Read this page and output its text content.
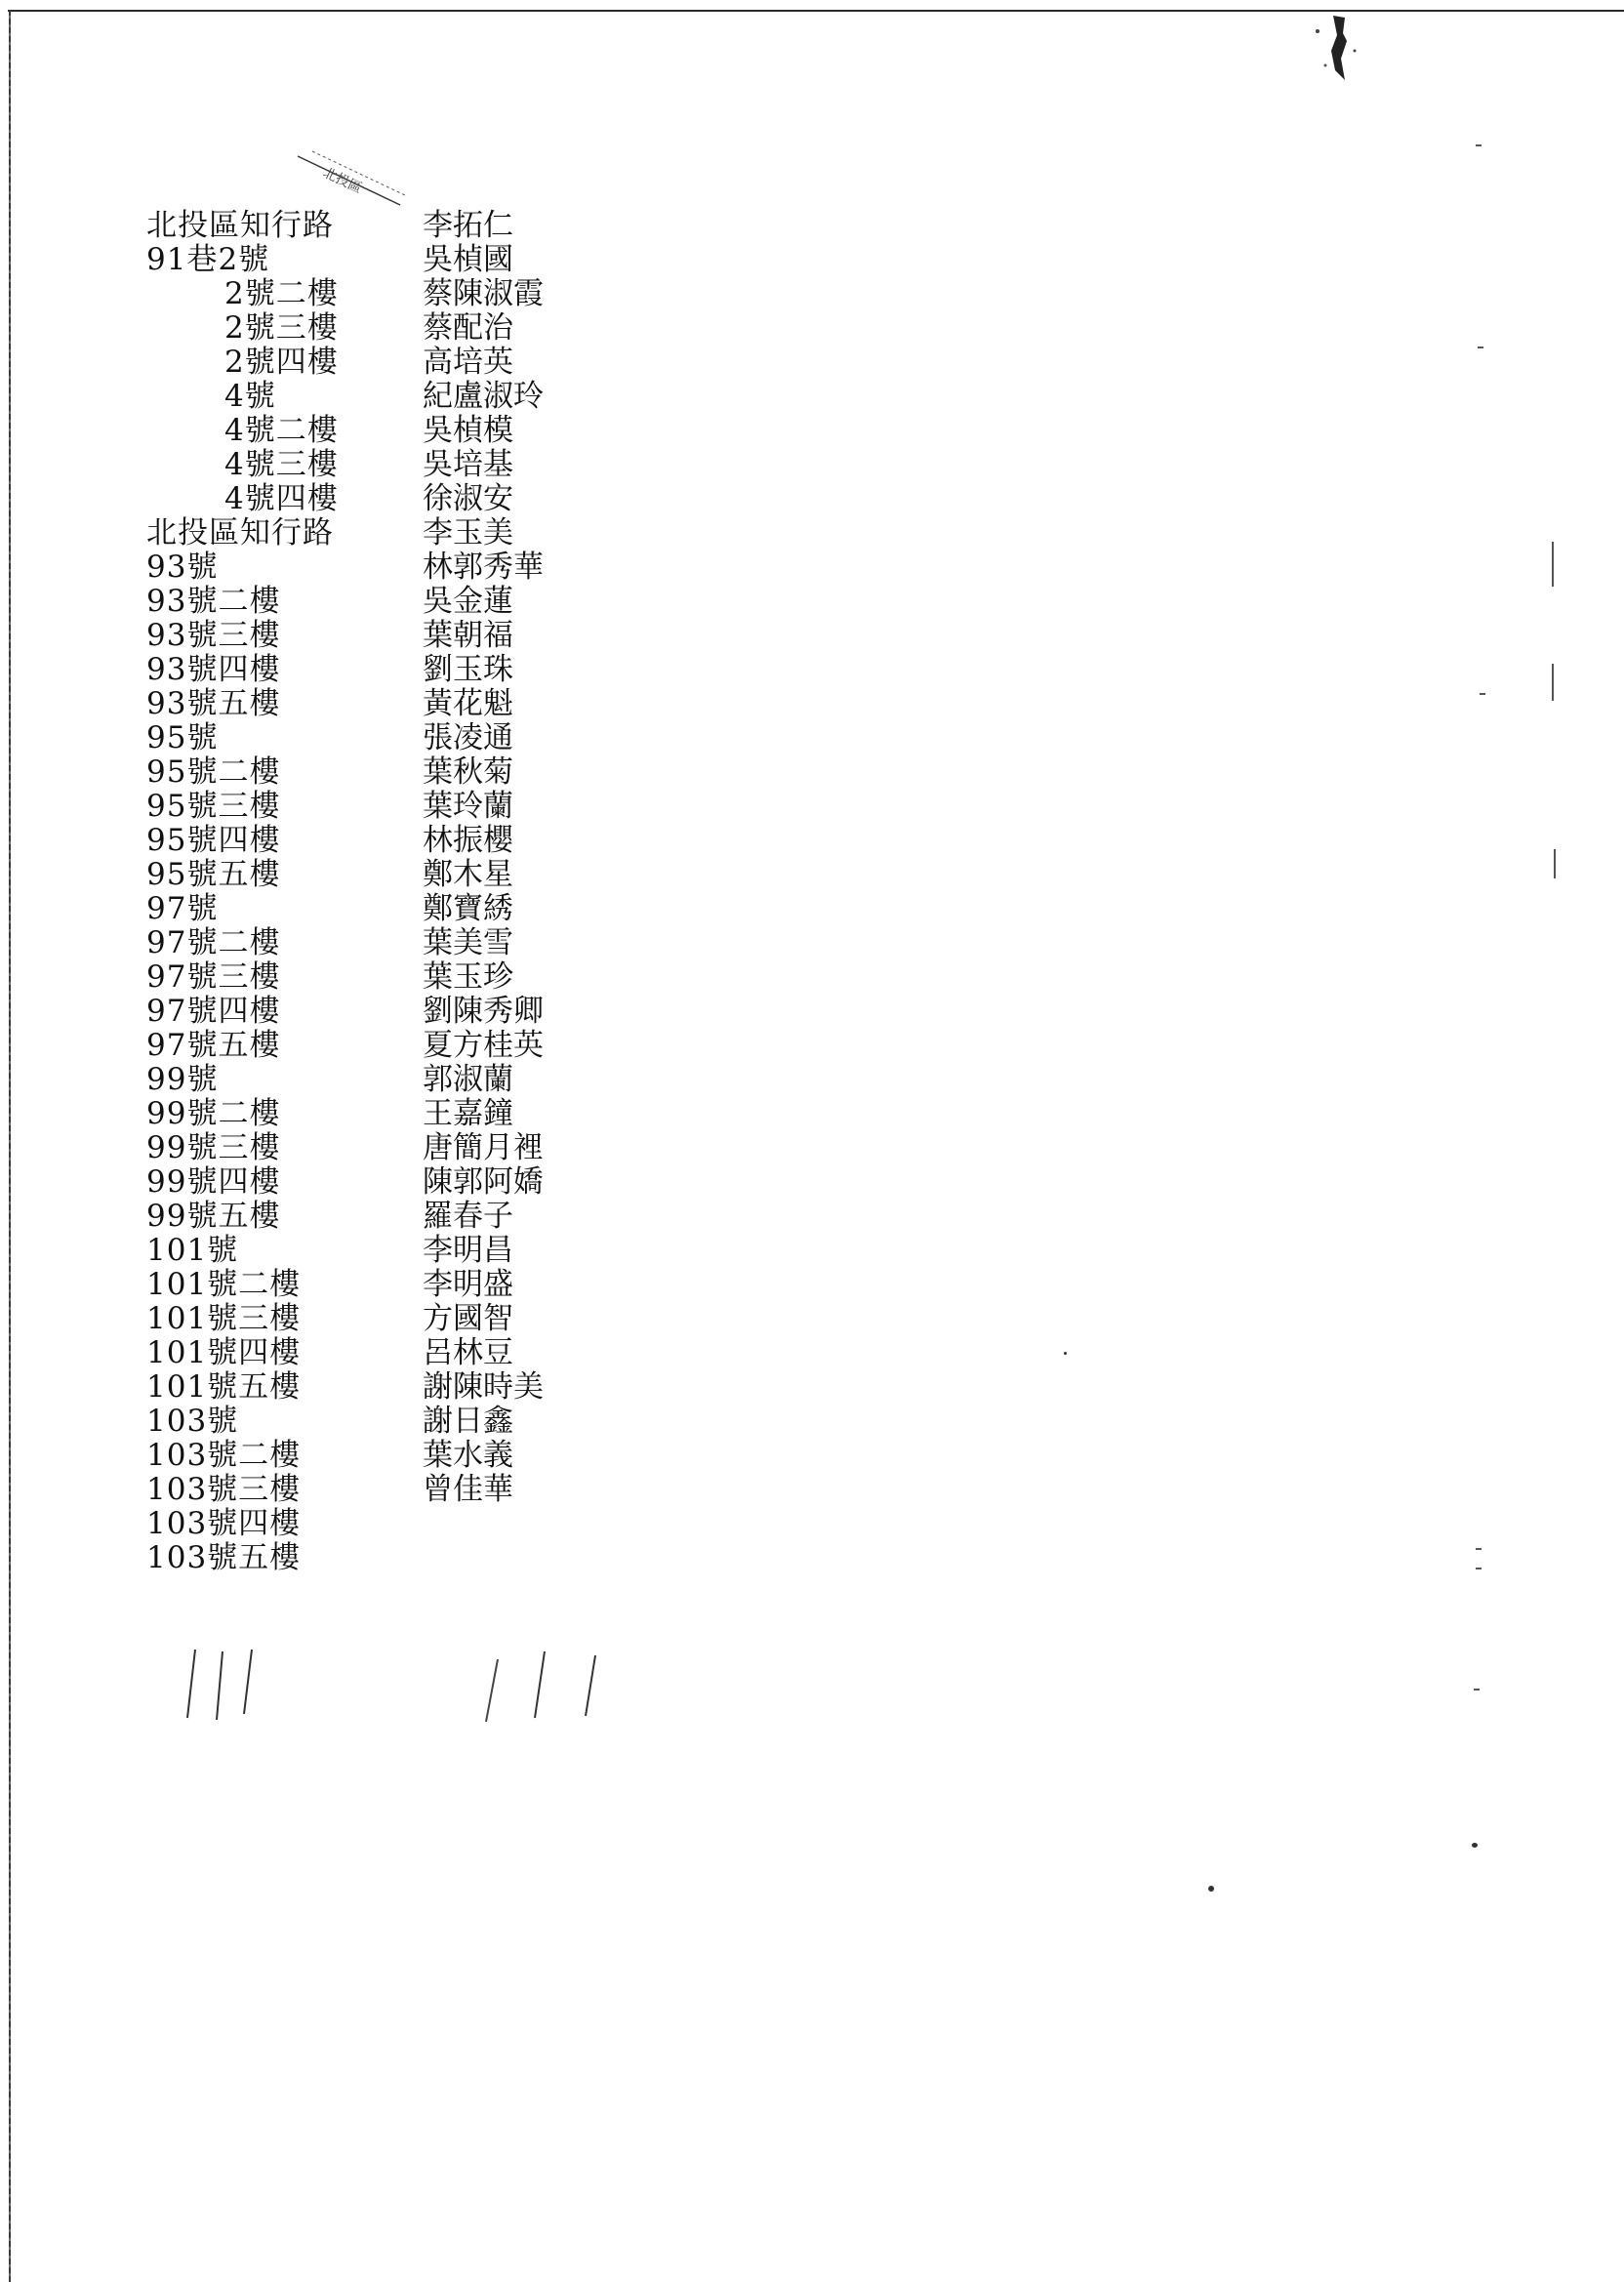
北投區
北投區知行路	李拓仁
91巷2號	吳楨國
2號二樓	蔡陳淑霞
2號三樓	蔡配治
2號四樓	高培英
4號	紀盧淑玲
4號二樓	吳楨模
4號三樓	吳培基
4號四樓	徐淑安
北投區知行路	李玉美
93號	林郭秀華
93號二樓	吳金蓮
93號三樓	葉朝福
93號四樓	劉玉珠
93號五樓	黃花魁
95號	張凌通
95號二樓	葉秋菊
95號三樓	葉玲蘭
95號四樓	林振櫻
95號五樓	鄭木星
97號	鄭寶綉
97號二樓	葉美雪
97號三樓	葉玉珍
97號四樓	劉陳秀卿
97號五樓	夏方桂英
99號	郭淑蘭
99號二樓	王嘉鐘
99號三樓	唐簡月裡
99號四樓	陳郭阿嬌
99號五樓	羅春子
101號	李明昌
101號二樓	李明盛
101號三樓	方國智
101號四樓	呂林豆
101號五樓	謝陳時美
103號	謝日鑫
103號二樓	葉水義
103號三樓	曾佳華
103號四樓
103號五樓
